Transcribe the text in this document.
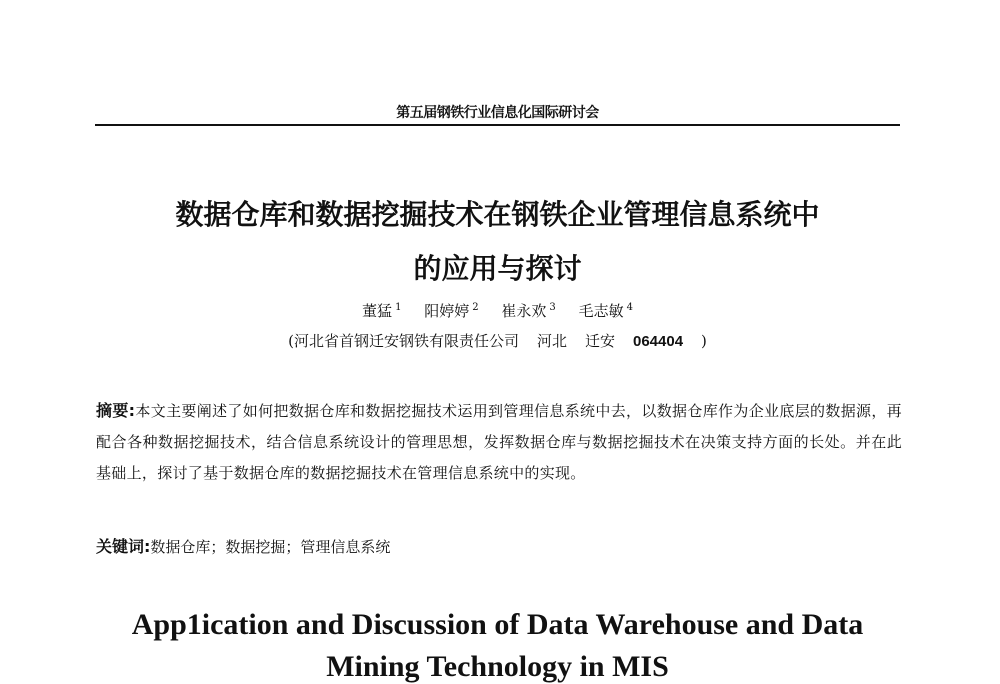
第五届钢铁行业信息化国际研讨会
数据仓库和数据挖掘技术在钢铁企业管理信息系统中
的应用与探讨
董猛 $^1$ 阳婷婷 $^2$ 崔永欢 $^3$ 毛志敏 $^4$
(河北省首钢迁安钢铁有限责任公司 河北 迁安 064404 )
摘要:本文主要阐述了如何把数据仓库和数据挖掘技术运用到管理信息系统中去，以数据仓库作为企业底层的数据源，再配合各种数据挖掘技术，结合信息系统设计的管理思想，发挥数据仓库与数据挖掘技术在决策支持方面的长处。并在此基础上，探讨了基于数据仓库的数据挖掘技术在管理信息系统中的实现。
关键词:数据仓库；数据挖掘；管理信息系统
App1ication and Discussion of Data Warehouse and Data
Mining Technology in MIS
